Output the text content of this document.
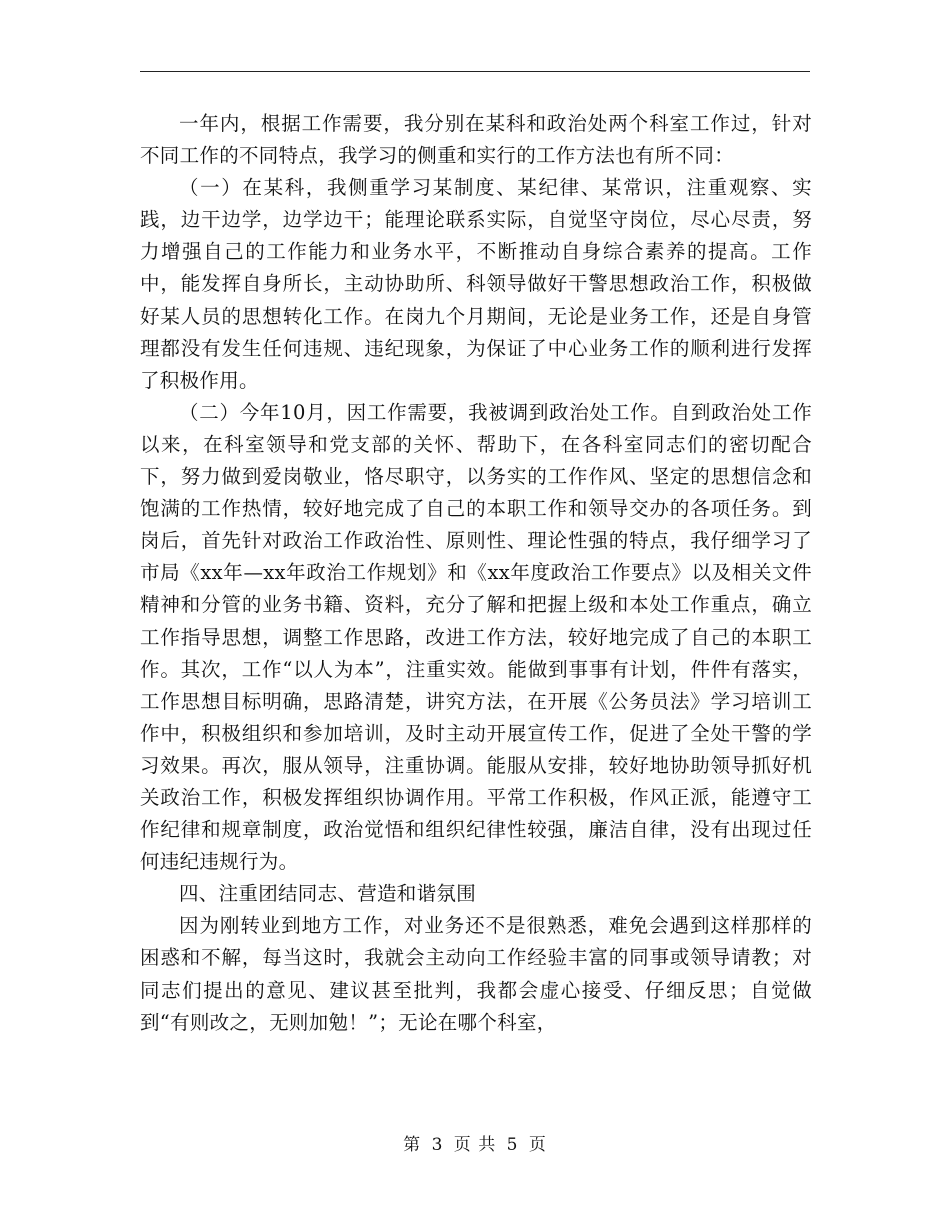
一年内，根据工作需要，我分别在某科和政治处两个科室工作过，针对不同工作的不同特点，我学习的侧重和实行的工作方法也有所不同：

（一）在某科，我侧重学习某制度、某纪律、某常识，注重观察、实践，边干边学，边学边干；能理论联系实际，自觉坚守岗位，尽心尽责，努力增强自己的工作能力和业务水平，不断推动自身综合素养的提高。工作中，能发挥自身所长，主动协助所、科领导做好干警思想政治工作，积极做好某人员的思想转化工作。在岗九个月期间，无论是业务工作，还是自身管理都没有发生任何违规、违纪现象，为保证了中心业务工作的顺利进行发挥了积极作用。

（二）今年10月，因工作需要，我被调到政治处工作。自到政治处工作以来，在科室领导和党支部的关怀、帮助下，在各科室同志们的密切配合下，努力做到爱岗敬业，恪尽职守，以务实的工作作风、坚定的思想信念和饱满的工作热情，较好地完成了自己的本职工作和领导交办的各项任务。到岗后，首先针对政治工作政治性、原则性、理论性强的特点，我仔细学习了市局《xx年—xx年政治工作规划》和《xx年度政治工作要点》以及相关文件精神和分管的业务书籍、资料，充分了解和把握上级和本处工作重点，确立工作指导思想，调整工作思路，改进工作方法，较好地完成了自己的本职工作。其次，工作“以人为本”，注重实效。能做到事事有计划，件件有落实，工作思想目标明确，思路清楚，讲究方法，在开展《公务员法》学习培训工作中，积极组织和参加培训，及时主动开展宣传工作，促进了全处干警的学习效果。再次，服从领导，注重协调。能服从安排，较好地协助领导抓好机关政治工作，积极发挥组织协调作用。平常工作积极，作风正派，能遵守工作纪律和规章制度，政治觉悟和组织纪律性较强，廉洁自律，没有出现过任何违纪违规行为。

四、注重团结同志、营造和谐氛围

因为刚转业到地方工作，对业务还不是很熟悉，难免会遇到这样那样的困惑和不解，每当这时，我就会主动向工作经验丰富的同事或领导请教；对同志们提出的意见、建议甚至批判，我都会虚心接受、仔细反思；自觉做到“有则改之，无则加勉！”；无论在哪个科室，

第 3 页 共 5 页
